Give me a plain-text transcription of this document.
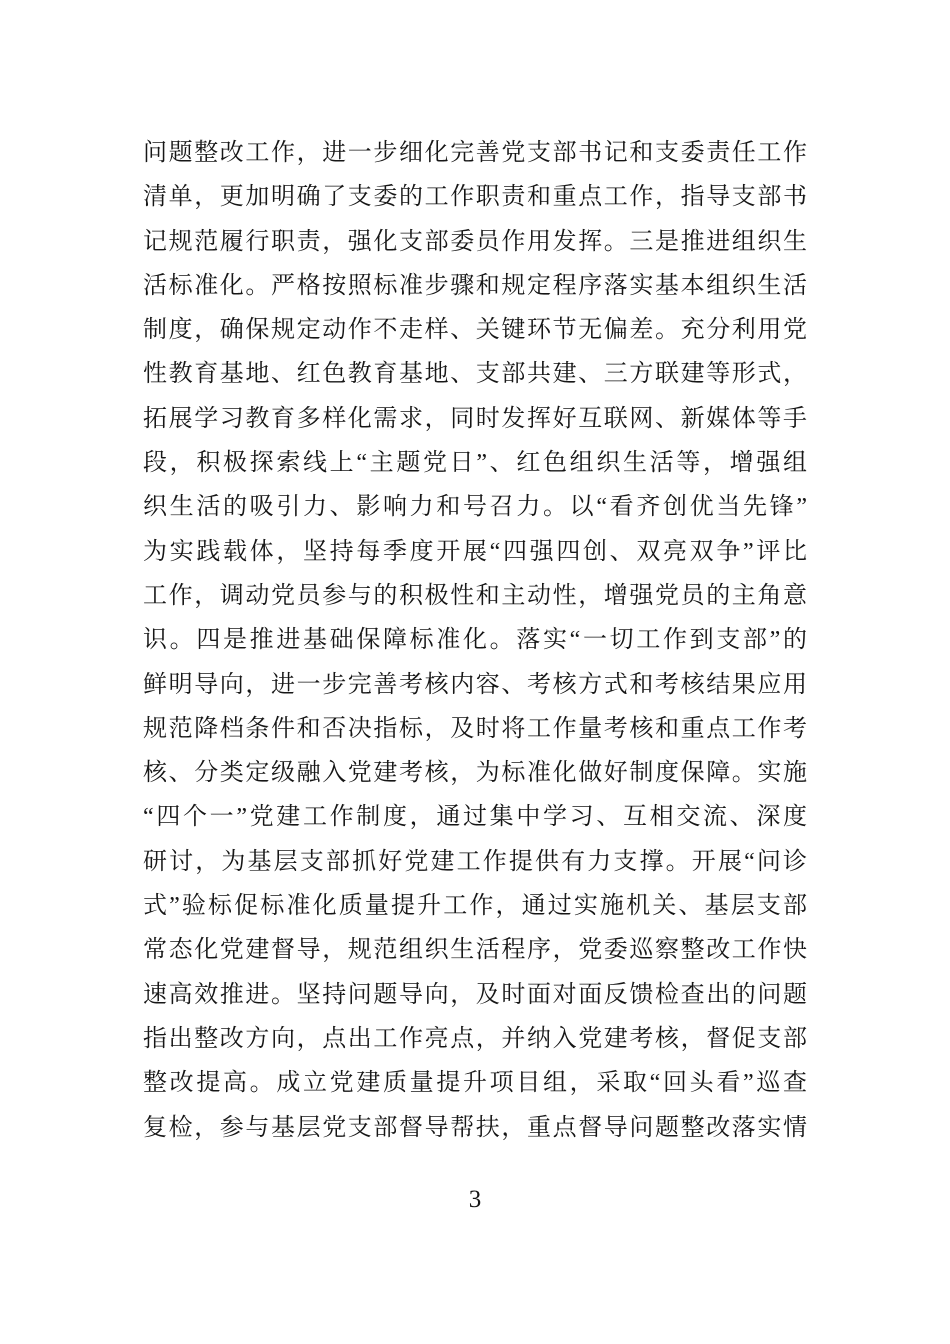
问题整改工作，进一步细化完善党支部书记和支委责任工作
清单，更加明确了支委的工作职责和重点工作，指导支部书
记规范履行职责，强化支部委员作用发挥。三是推进组织生
活标准化。严格按照标准步骤和规定程序落实基本组织生活
制度，确保规定动作不走样、关键环节无偏差。充分利用党
性教育基地、红色教育基地、支部共建、三方联建等形式，
拓展学习教育多样化需求，同时发挥好互联网、新媒体等手
段，积极探索线上“主题党日”、红色组织生活等，增强组
织生活的吸引力、影响力和号召力。以“看齐创优当先锋”
为实践载体，坚持每季度开展“四强四创、双亮双争”评比
工作，调动党员参与的积极性和主动性，增强党员的主角意
识。四是推进基础保障标准化。落实“一切工作到支部”的
鲜明导向，进一步完善考核内容、考核方式和考核结果应用
规范降档条件和否决指标，及时将工作量考核和重点工作考
核、分类定级融入党建考核，为标准化做好制度保障。实施
“四个一”党建工作制度，通过集中学习、互相交流、深度
研讨，为基层支部抓好党建工作提供有力支撑。开展“问诊
式”验标促标准化质量提升工作，通过实施机关、基层支部
常态化党建督导，规范组织生活程序，党委巡察整改工作快
速高效推进。坚持问题导向，及时面对面反馈检查出的问题
指出整改方向，点出工作亮点，并纳入党建考核，督促支部
整改提高。成立党建质量提升项目组，采取“回头看”巡查
复检，参与基层党支部督导帮扶，重点督导问题整改落实情
3
